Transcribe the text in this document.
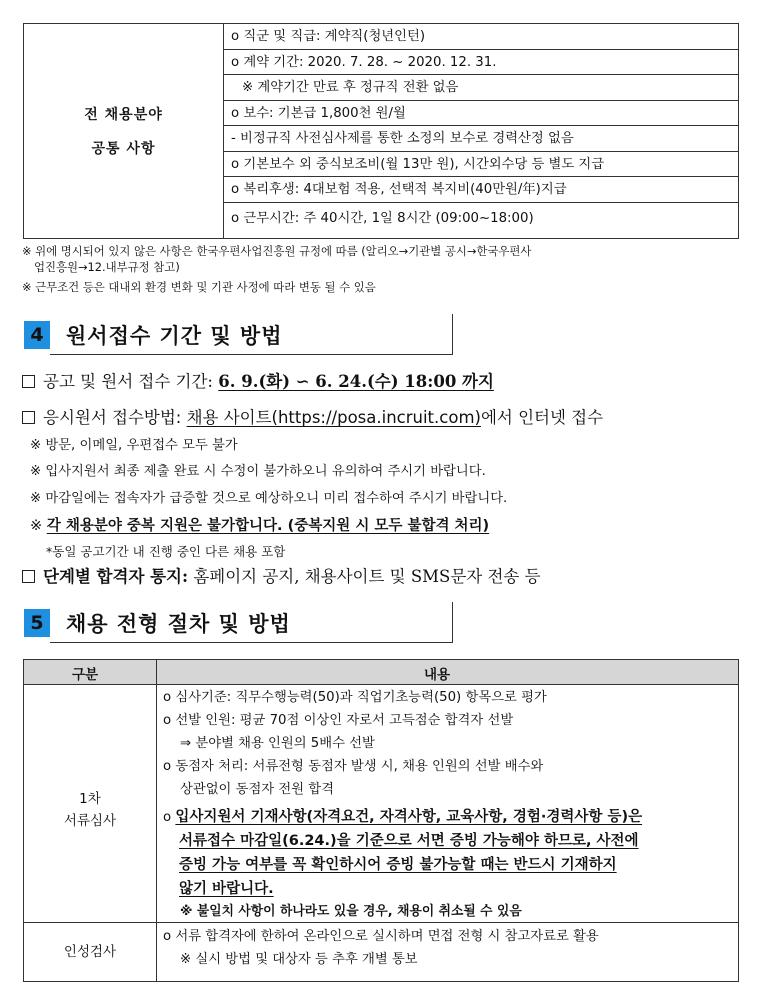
전 채용분야
공통 사항
o 직군 및 직급: 계약직(청년인턴)
o 계약 기간: 2020. 7. 28. ~ 2020. 12. 31.
※ 계약기간 만료 후 정규직 전환 없음
o 보수: 기본급 1,800천 원/월
- 비정규직 사전심사제를 통한 소정의 보수로 경력산정 없음
o 기본보수 외 중식보조비(월 13만 원), 시간외수당 등 별도 지급
o 복리후생: 4대보험 적용, 선택적 복지비(40만원/年)지급
o 근무시간: 주 40시간, 1일 8시간 (09:00~18:00)
※ 위에 명시되어 있지 않은 사항은 한국우편사업진흥원 규정에 따름 (알리오→기관별 공시→한국우편사
업진흥원→12.내부규정 참고)
※ 근무조건 등은 대내외 환경 변화 및 기관 사정에 따라 변동 될 수 있음
4	원서접수 기간 및 방법
공고 및 원서 접수 기간: 6. 9.(화) ∽ 6. 24.(수) 18:00 까지
응시원서 접수방법: 채용 사이트(https://posa.incruit.com)에서 인터넷 접수
※ 방문, 이메일, 우편접수 모두 불가
※ 입사지원서 최종 제출 완료 시 수정이 불가하오니 유의하여 주시기 바랍니다.
※ 마감일에는 접속자가 급증할 것으로 예상하오니 미리 접수하여 주시기 바랍니다.
※ 각 채용분야 중복 지원은 불가합니다. (중복지원 시 모두 불합격 처리)
*동일 공고기간 내 진행 중인 다른 채용 포함
단계별 합격자 통지: 홈페이지 공지, 채용사이트 및 SMS문자 전송 등
5	채용 전형 절차 및 방법
구분	내용
1차
서류심사
o 심사기준: 직무수행능력(50)과 직업기초능력(50) 항목으로 평가
o 선발 인원: 평균 70점 이상인 자로서 고득점순 합격자 선발
⇒ 분야별 채용 인원의 5배수 선발
o 동점자 처리: 서류전형 동점자 발생 시, 채용 인원의 선발 배수와
상관없이 동점자 전원 합격
o 입사지원서 기재사항(자격요건, 자격사항, 교육사항, 경험·경력사항 등)은
서류접수 마감일(6.24.)을 기준으로 서면 증빙 가능해야 하므로, 사전에
증빙 가능 여부를 꼭 확인하시어 증빙 불가능할 때는 반드시 기재하지
않기 바랍니다.
※ 불일치 사항이 하나라도 있을 경우, 채용이 취소될 수 있음
인성검사
o 서류 합격자에 한하여 온라인으로 실시하며 면접 전형 시 참고자료로 활용
※ 실시 방법 및 대상자 등 추후 개별 통보
